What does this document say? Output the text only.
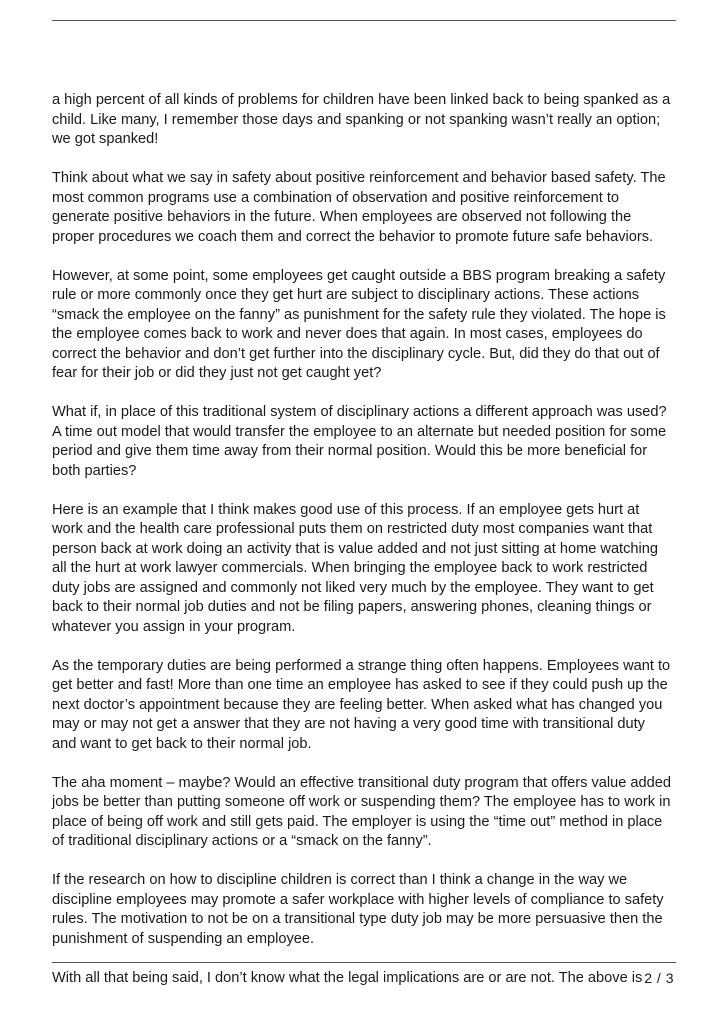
a high percent of all kinds of problems for children have been linked back to being spanked as a
child. Like many, I remember those days and spanking or not spanking wasn’t really an option;
we got spanked!

Think about what we say in safety about positive reinforcement and behavior based safety. The
most common programs use a combination of observation and positive reinforcement to
generate positive behaviors in the future. When employees are observed not following the
proper procedures we coach them and correct the behavior to promote future safe behaviors.

However, at some point, some employees get caught outside a BBS program breaking a safety
rule or more commonly once they get hurt are subject to disciplinary actions. These actions
“smack the employee on the fanny” as punishment for the safety rule they violated. The hope is
the employee comes back to work and never does that again. In most cases, employees do
correct the behavior and don’t get further into the disciplinary cycle. But, did they do that out of
fear for their job or did they just not get caught yet?

What if, in place of this traditional system of disciplinary actions a different approach was used?
A time out model that would transfer the employee to an alternate but needed position for some
period and give them time away from their normal position. Would this be more beneficial for
both parties?

Here is an example that I think makes good use of this process. If an employee gets hurt at
work and the health care professional puts them on restricted duty most companies want that
person back at work doing an activity that is value added and not just sitting at home watching
all the hurt at work lawyer commercials. When bringing the employee back to work restricted
duty jobs are assigned and commonly not liked very much by the employee. They want to get
back to their normal job duties and not be filing papers, answering phones, cleaning things or
whatever you assign in your program.

As the temporary duties are being performed a strange thing often happens. Employees want to
get better and fast! More than one time an employee has asked to see if they could push up the
next doctor’s appointment because they are feeling better. When asked what has changed you
may or may not get a answer that they are not having a very good time with transitional duty
and want to get back to their normal job.

The aha moment – maybe? Would an effective transitional duty program that offers value added
jobs be better than putting someone off work or suspending them? The employee has to work in
place of being off work and still gets paid. The employer is using the “time out” method in place
of traditional disciplinary actions or a “smack on the fanny”.

If the research on how to discipline children is correct than I think a change in the way we
discipline employees may promote a safer workplace with higher levels of compliance to safety
rules. The motivation to not be on a transitional type duty job may be more persuasive then the
punishment of suspending an employee.

With all that being said, I don’t know what the legal implications are or are not. The above is 2 / 3
